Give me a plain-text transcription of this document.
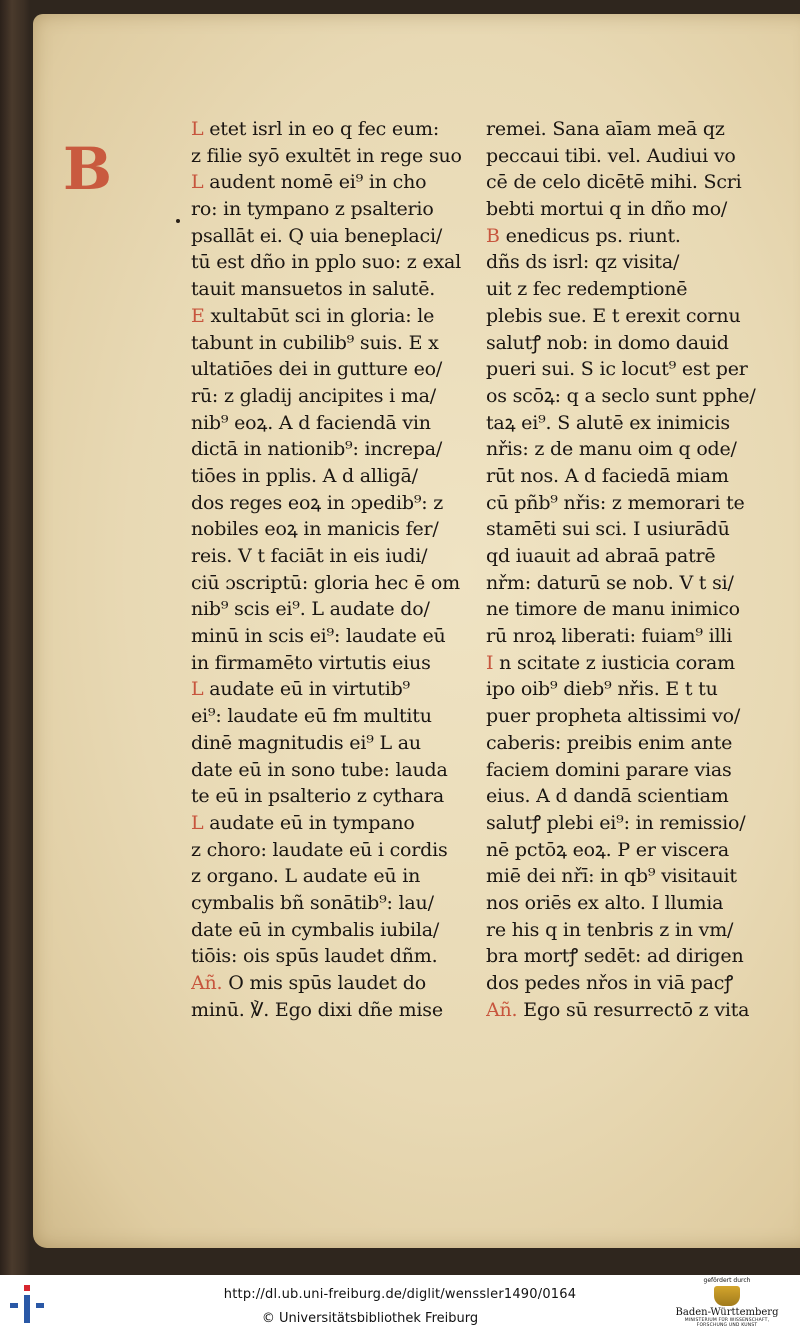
B
L etet isrl in eo q fec eum:
z filie syō exultēt in rege suo
L audent nomē ei⁹ in cho
ro: in tympano z psalterio
psallāt ei. Q uia beneplaci/
tū est dño in pplo suo: z exal
tauit mansuetos in salutē.
E xultabūt sci in gloria: le
tabunt in cubilib⁹ suis. E x
ultatiōes dei in gutture eo/
rū: z gladij ancipites i ma/
nib⁹ eoꝝ. A d faciendā vin
dictā in nationib⁹: increpa/
tiōes in pplis. A d alligā/
dos reges eoꝝ in ɔpedib⁹: z
nobiles eoꝝ in manicis fer/
reis. V t faciāt in eis iudi/
ciū ɔscriptū: gloria hec ē om
nib⁹ scis ei⁹. L audate do/
minū in scis ei⁹: laudate eū
in firmamēto virtutis eius
L audate eū in virtutib⁹
ei⁹: laudate eū fm multitu
dinē magnitudis ei⁹ L au
date eū in sono tube: lauda
te eū in psalterio z cythara
L audate eū in tympano
z choro: laudate eū i cordis
z organo. L audate eū in
cymbalis bñ sonātib⁹: lau/
date eū in cymbalis iubila/
tiōis: ois spūs laudet dñm.
Añ. O mis spūs laudet do
minū. ℣. Ego dixi dñe mise
remei. Sana aīam meā qz
peccaui tibi. vel. Audiui vo
cē de celo dicētē mihi. Scri
bebti mortui q in dño mo/
B enedicus ps. riunt.
dñs ds isrl: qz visita/
uit z fec redemptionē
plebis sue. E t erexit cornu
salutꝭ nob: in domo dauid
pueri sui. S ic locut⁹ est per
os scōꝝ: q a seclo sunt pphe/
taꝝ ei⁹. S alutē ex inimicis
nřis: z de manu oim q ode/
rūt nos. A d faciedā miam
cū pñb⁹ nřis: z memorari te
stamēti sui sci. I usiurādū
qd iuauit ad abraā patrē
nřm: daturū se nob. V t si/
ne timore de manu inimico
rū nroꝝ liberati: fuiam⁹ illi
I n scitate z iusticia coram
ipo oib⁹ dieb⁹ nřis. E t tu
puer propheta altissimi vo/
caberis: preibis enim ante
faciem domini parare vias
eius. A d dandā scientiam
salutꝭ plebi ei⁹: in remissio/
nē pctōꝝ eoꝝ. P er viscera
miē dei nřī: in qb⁹ visitauit
nos oriēs ex alto. I llumia
re his q in tenbris z in vm/
bra mortꝭ sedēt: ad dirigen
dos pedes nřos in viā pacꝭ
Añ. Ego sū resurrectō z vita
http://dl.ub.uni-freiburg.de/diglit/wenssler1490/0164
© Universitätsbibliothek Freiburg
gefördert durch
Baden-Württemberg
MINISTERIUM FÜR WISSENSCHAFT, FORSCHUNG UND KUNST
